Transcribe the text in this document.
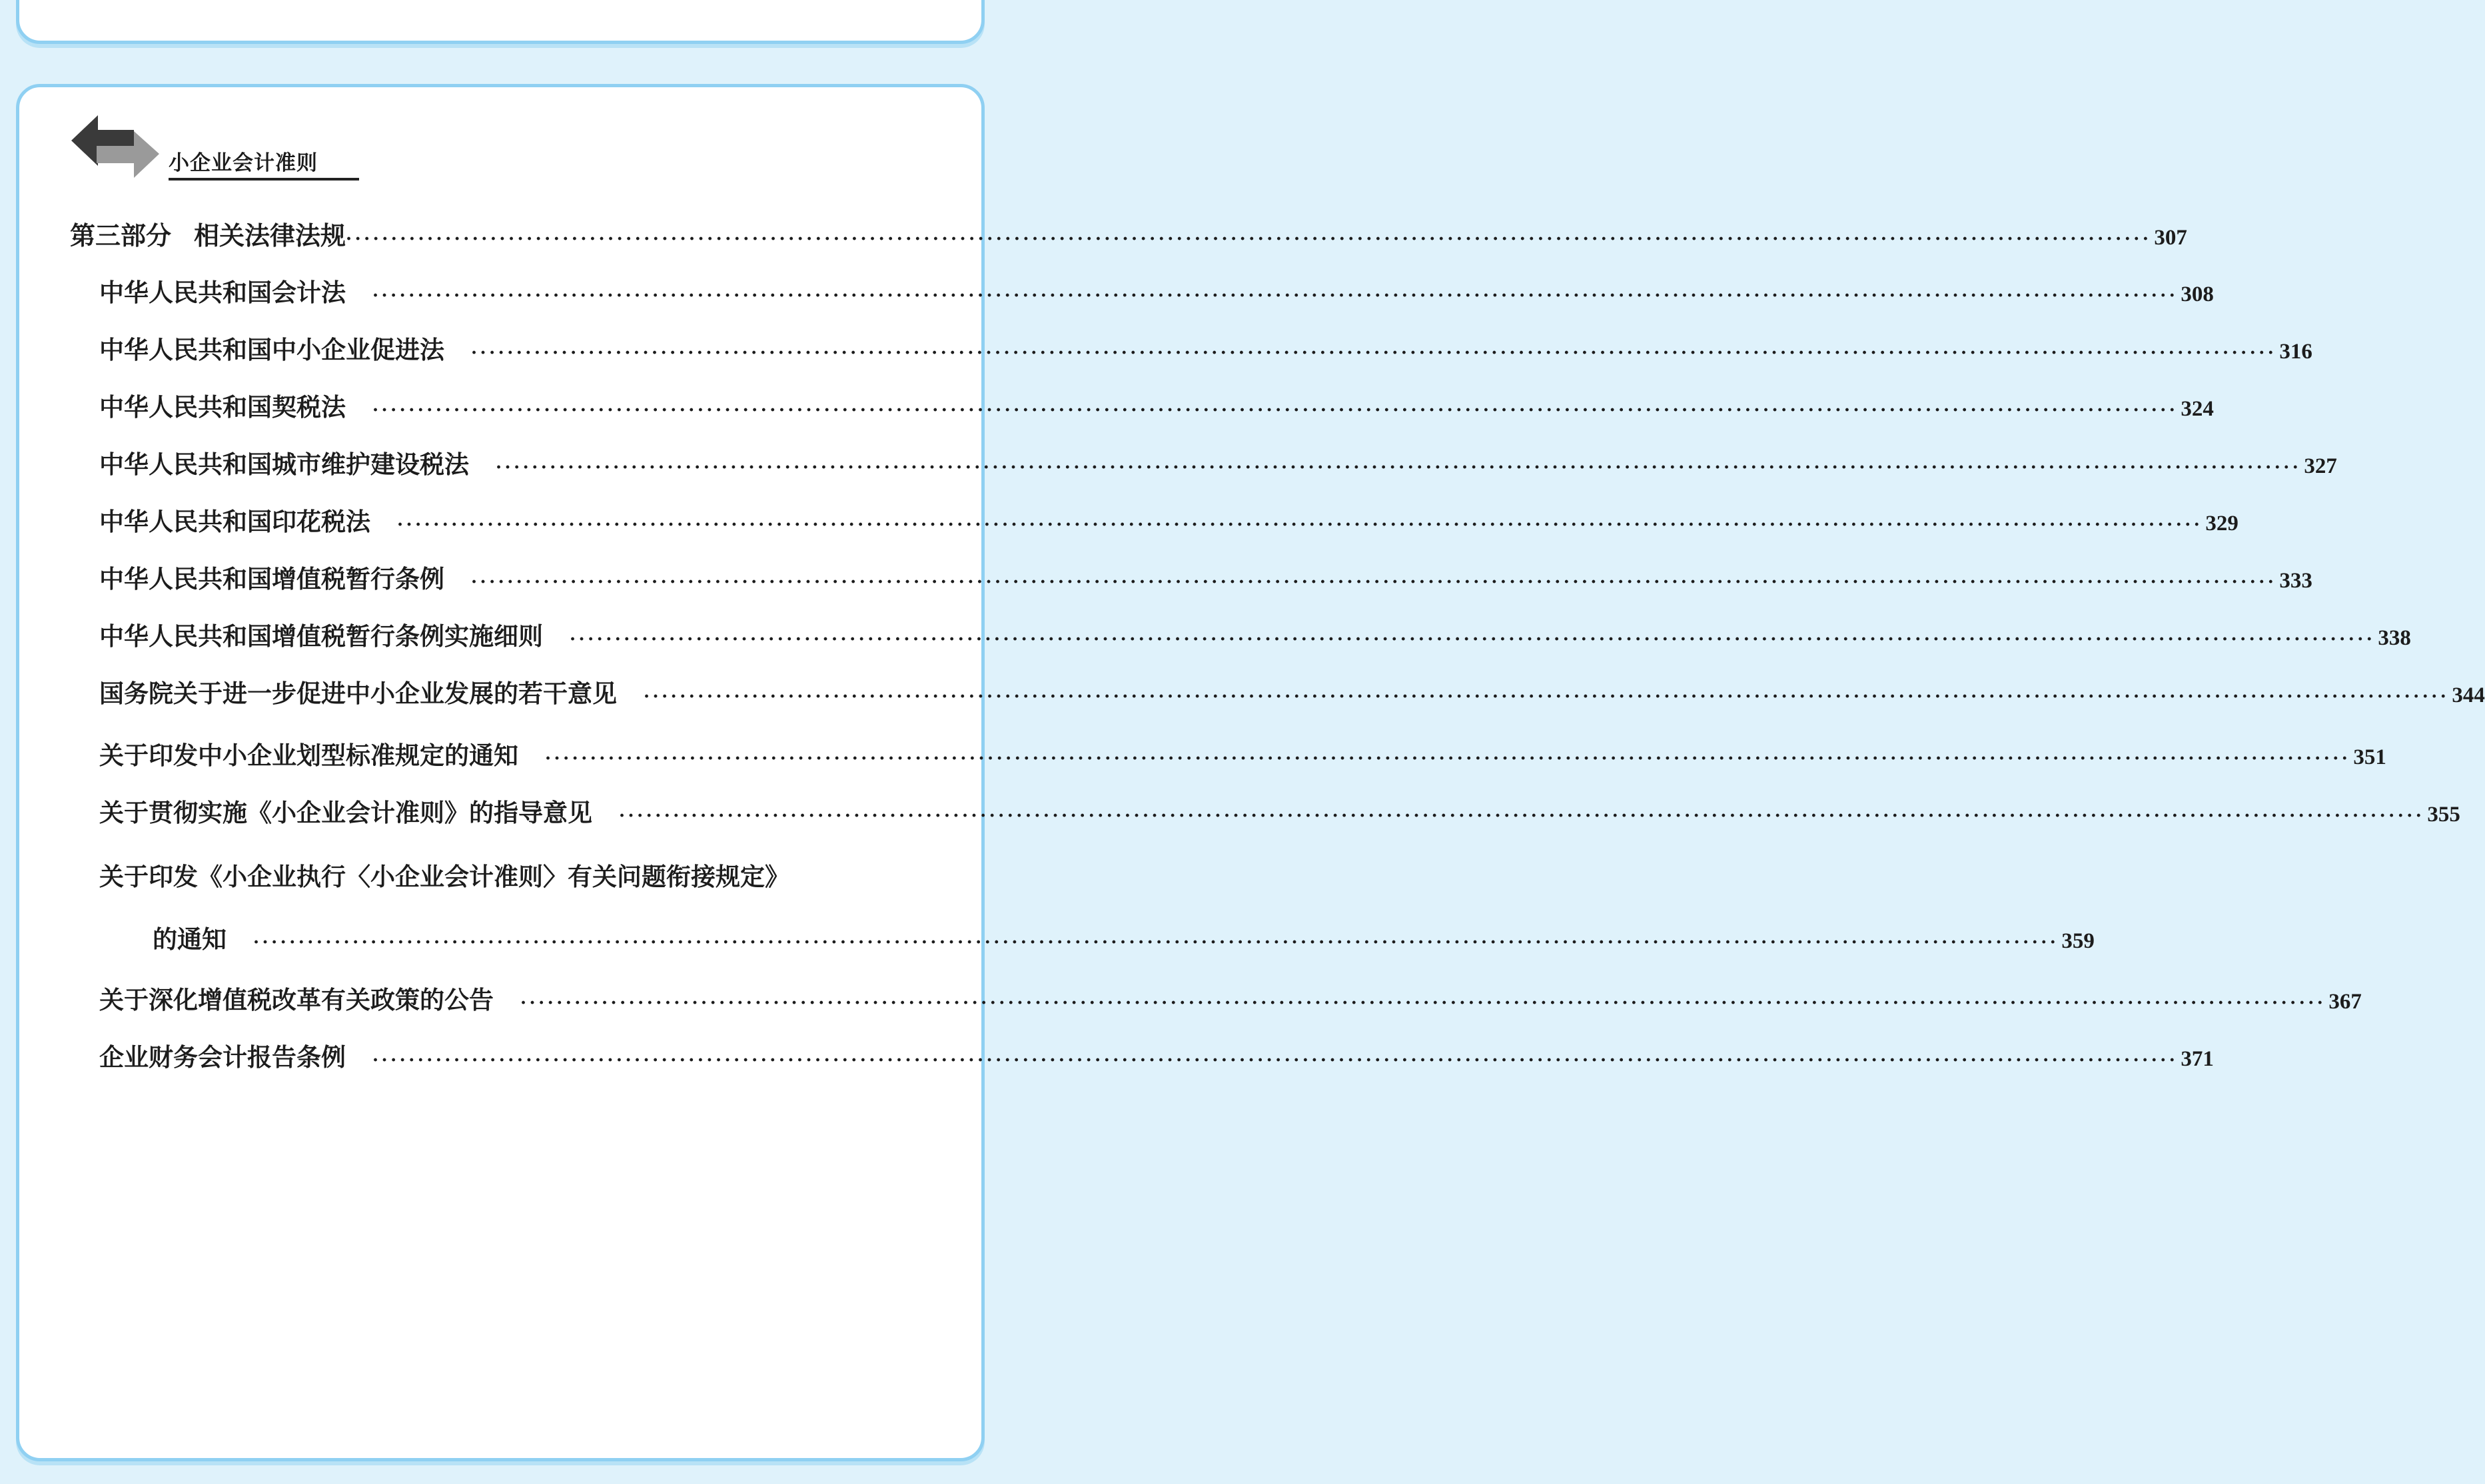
小企业会计准则
第三部分 相关法律法规 ········································································································································································································ 307
中华人民共和国会计法 ········································································································································································································ 308
中华人民共和国中小企业促进法 ········································································································································································································ 316
中华人民共和国契税法 ········································································································································································································ 324
中华人民共和国城市维护建设税法 ········································································································································································································ 327
中华人民共和国印花税法 ········································································································································································································ 329
中华人民共和国增值税暂行条例 ········································································································································································································ 333
中华人民共和国增值税暂行条例实施细则 ········································································································································································································ 338
国务院关于进一步促进中小企业发展的若干意见 ········································································································································································································ 344
关于印发中小企业划型标准规定的通知 ········································································································································································································ 351
关于贯彻实施《小企业会计准则》的指导意见 ········································································································································································································ 355
关于印发《小企业执行〈小企业会计准则〉有关问题衔接规定》
的通知 ········································································································································································································ 359
关于深化增值税改革有关政策的公告 ········································································································································································································ 367
企业财务会计报告条例 ········································································································································································································ 371
